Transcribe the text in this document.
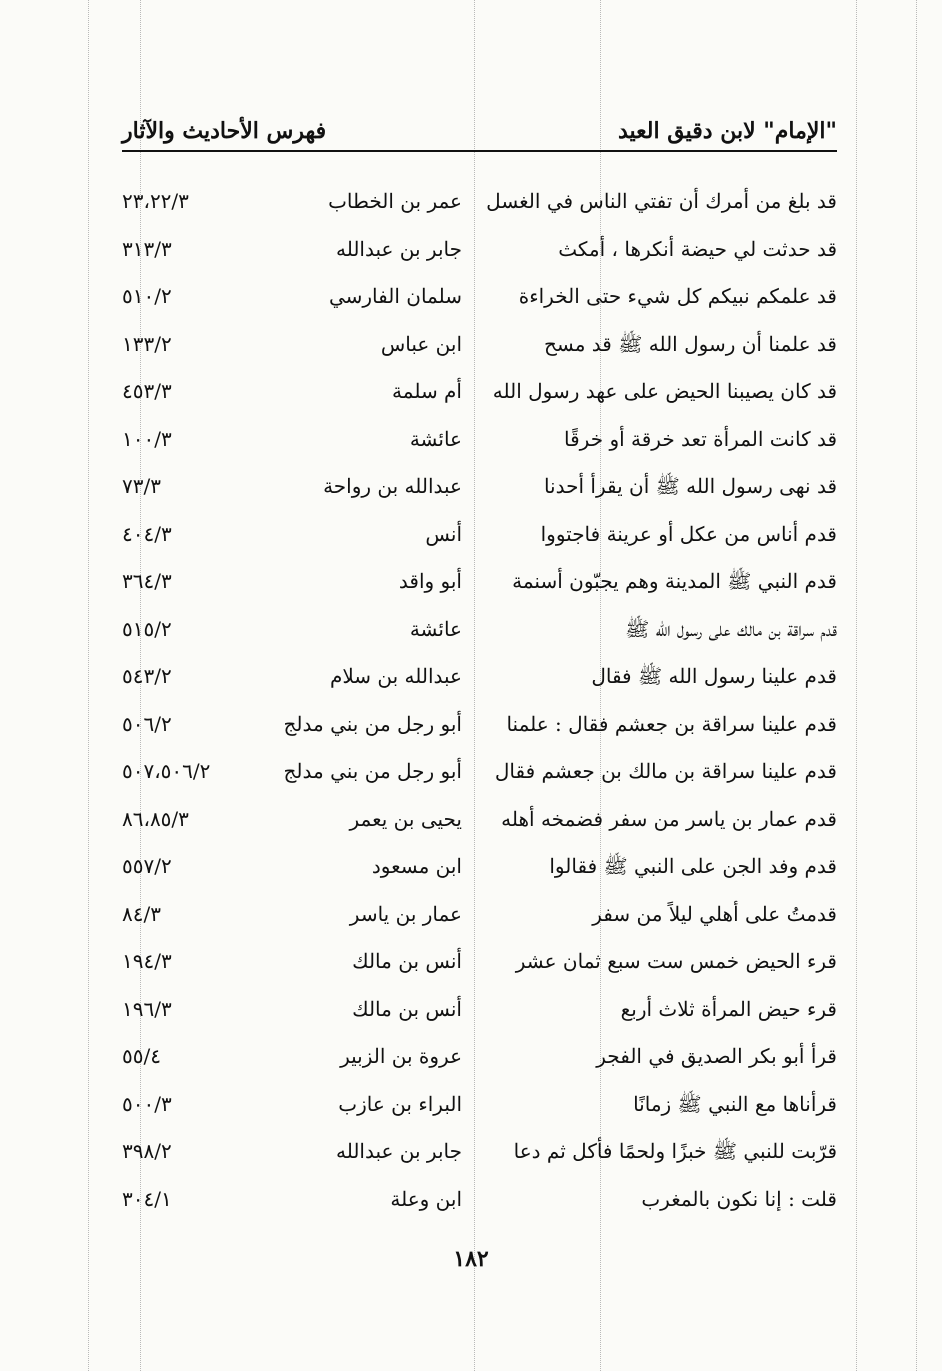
"الإمام" لابن دقيق العيد
فهرس الأحاديث والآثار
قد بلغ من أمرك أن تفتي الناس في الغسل
عمر بن الخطاب
٢٣،٢٢/٣
قد حدثت لي حيضة أنكرها ، أمكث
جابر بن عبدالله
٣١٣/٣
قد علمكم نبيكم كل شيء حتى الخراءة
سلمان الفارسي
٥١٠/٢
قد علمنا أن رسول الله ﷺ قد مسح
ابن عباس
١٣٣/٢
قد كان يصيبنا الحيض على عهد رسول الله
أم سلمة
٤٥٣/٣
قد كانت المرأة تعد خرقة أو خرقًا
عائشة
١٠٠/٣
قد نهى رسول الله ﷺ أن يقرأ أحدنا
عبدالله بن رواحة
٧٣/٣
قدم أناس من عكل أو عرينة فاجتووا
أنس
٤٠٤/٣
قدم النبي ﷺ المدينة وهم يجبّون أسنمة
أبو واقد
٣٦٤/٣
قدم سراقة بن مالك على رسول الله ﷺ
عائشة
٥١٥/٢
قدم علينا رسول الله ﷺ فقال
عبدالله بن سلام
٥٤٣/٢
قدم علينا سراقة بن جعشم فقال : علمنا
أبو رجل من بني مدلج
٥٠٦/٢
قدم علينا سراقة بن مالك بن جعشم فقال
أبو رجل من بني مدلج
٥٠٧،٥٠٦/٢
قدم عمار بن ياسر من سفر فضمخه أهله
يحيى بن يعمر
٨٦،٨٥/٣
قدم وفد الجن على النبي ﷺ فقالوا
ابن مسعود
٥٥٧/٢
قدمتُ على أهلي ليلاً من سفر
عمار بن ياسر
٨٤/٣
قرء الحيض خمس ست سبع ثمان عشر
أنس بن مالك
١٩٤/٣
قرء حيض المرأة ثلاث أربع
أنس بن مالك
١٩٦/٣
قرأ أبو بكر الصديق في الفجر
عروة بن الزبير
٥٥/٤
قرأناها مع النبي ﷺ زمانًا
البراء بن عازب
٥٠٠/٣
قرّبت للنبي ﷺ خبزًا ولحمًا فأكل ثم دعا
جابر بن عبدالله
٣٩٨/٢
قلت : إنا نكون بالمغرب
ابن وعلة
٣٠٤/١
١٨٢
